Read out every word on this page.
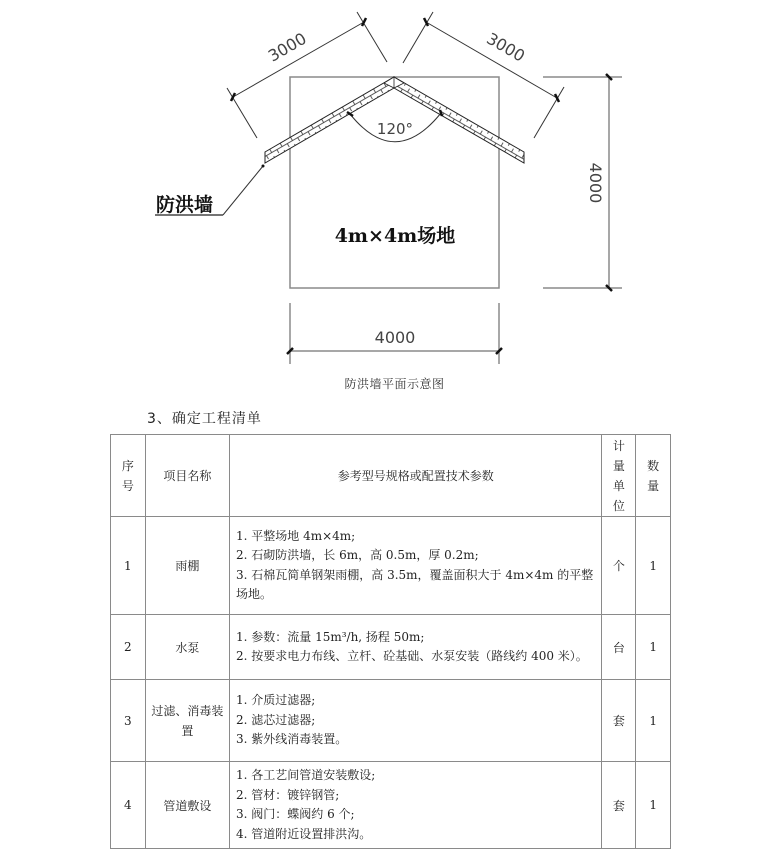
120°
3000	3000
4000
4000
防洪墙
4m×4m场地
防洪墙平面示意图
3、确定工程清单
序号	项目名称	参考型号规格或配置技术参数	计量单位	数量
1	雨棚	1. 平整场地 4m×4m;
2. 石砌防洪墙，长 6m，高 0.5m，厚 0.2m;
3. 石棉瓦简单钢架雨棚，高 3.5m，覆盖面积大于 4m×4m 的平整场地。	个	1
2	水泵	1. 参数：流量 15m³/h, 扬程 50m;
2. 按要求电力布线、立杆、砼基础、水泵安装（路线约 400 米）。	台	1
3	过滤、消毒装置	1. 介质过滤器;
2. 滤芯过滤器;
3. 紫外线消毒装置。	套	1
4	管道敷设	1. 各工艺间管道安装敷设;
2. 管材：镀锌钢管;
3. 阀门：蝶阀约 6 个;
4. 管道附近设置排洪沟。	套	1
